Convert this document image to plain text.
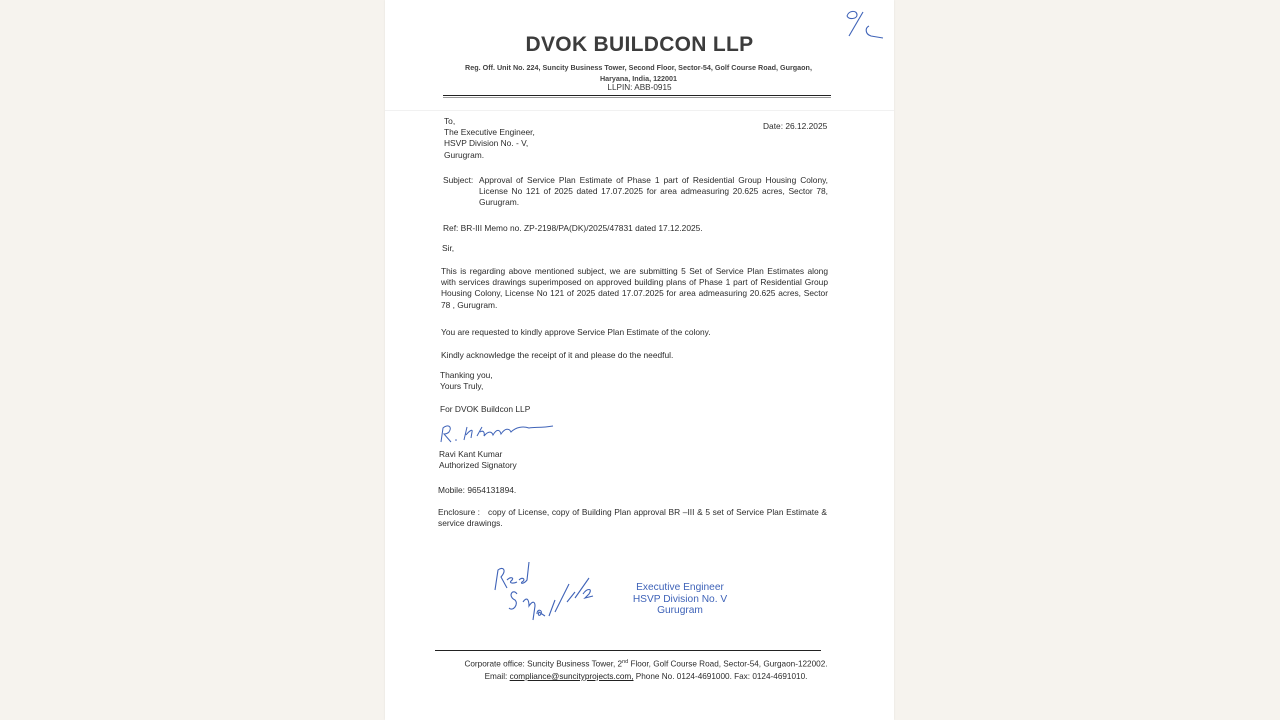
DVOK BUILDCON LLP
Reg. Off. Unit No. 224, Suncity Business Tower, Second Floor, Sector-54, Golf Course Road, Gurgaon, Haryana, India, 122001
LLPIN: ABB-0915
Date: 26.12.2025
To,
The Executive Engineer,
HSVP Division No. - V,
Gurugram.
Subject: Approval of Service Plan Estimate of Phase 1 part of Residential Group Housing Colony, License No 121 of 2025 dated 17.07.2025 for area admeasuring 20.625 acres, Sector 78, Gurugram.
Ref: BR-III Memo no. ZP-2198/PA(DK)/2025/47831 dated 17.12.2025.
Sir,
This is regarding above mentioned subject, we are submitting 5 Set of Service Plan Estimates along with services drawings superimposed on approved building plans of Phase 1 part of Residential Group Housing Colony, License No 121 of 2025 dated 17.07.2025 for area admeasuring 20.625 acres, Sector 78 , Gurugram.
You are requested to kindly approve Service Plan Estimate of the colony.
Kindly acknowledge the receipt of it and please do the needful.
Thanking you,
Yours Truly,
For DVOK Buildcon LLP
Ravi Kant Kumar
Authorized Signatory
Mobile: 9654131894.
Enclosure : copy of License, copy of Building Plan approval BR –III & 5 set of Service Plan Estimate & service drawings.
Executive Engineer
HSVP Division No. V
Gurugram
Corporate office: Suncity Business Tower, 2nd Floor, Golf Course Road, Sector-54, Gurgaon-122002.
Email: compliance@suncityprojects.com, Phone No. 0124-4691000. Fax: 0124-4691010.
